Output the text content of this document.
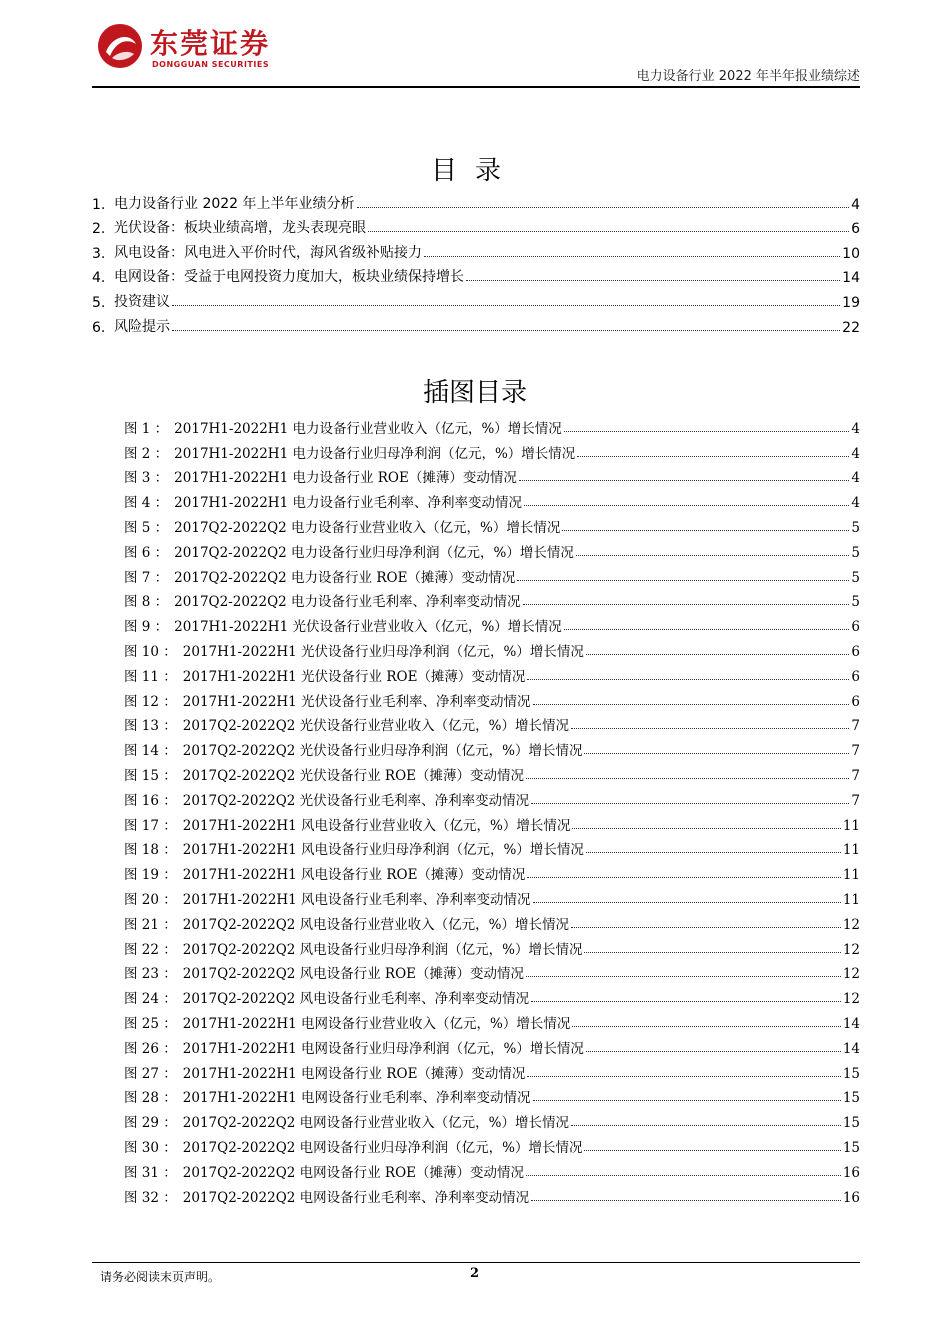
东莞证券
DONGGUAN SECURITIES
电力设备行业 2022 年半年报业绩综述
目录
1. 电力设备行业 2022 年上半年业绩分析	4
2. 光伏设备：板块业绩高增，龙头表现亮眼	6
3. 风电设备：风电进入平价时代，海风省级补贴接力	10
4. 电网设备：受益于电网投资力度加大，板块业绩保持增长	14
5. 投资建议	19
6. 风险提示	22
插图目录
图 1 ： 2017H1-2022H1 电力设备行业营业收入（亿元，%）增长情况	4
图 2 ： 2017H1-2022H1 电力设备行业归母净利润（亿元，%）增长情况	4
图 3 ： 2017H1-2022H1 电力设备行业 ROE（摊薄）变动情况	4
图 4 ： 2017H1-2022H1 电力设备行业毛利率、净利率变动情况	4
图 5 ： 2017Q2-2022Q2 电力设备行业营业收入（亿元，%）增长情况	5
图 6 ： 2017Q2-2022Q2 电力设备行业归母净利润（亿元，%）增长情况	5
图 7 ： 2017Q2-2022Q2 电力设备行业 ROE（摊薄）变动情况	5
图 8 ： 2017Q2-2022Q2 电力设备行业毛利率、净利率变动情况	5
图 9 ： 2017H1-2022H1 光伏设备行业营业收入（亿元，%）增长情况	6
图 10 ： 2017H1-2022H1 光伏设备行业归母净利润（亿元，%）增长情况	6
图 11 ： 2017H1-2022H1 光伏设备行业 ROE（摊薄）变动情况	6
图 12 ： 2017H1-2022H1 光伏设备行业毛利率、净利率变动情况	6
图 13 ： 2017Q2-2022Q2 光伏设备行业营业收入（亿元，%）增长情况	7
图 14 ： 2017Q2-2022Q2 光伏设备行业归母净利润（亿元，%）增长情况	7
图 15 ： 2017Q2-2022Q2 光伏设备行业 ROE（摊薄）变动情况	7
图 16 ： 2017Q2-2022Q2 光伏设备行业毛利率、净利率变动情况	7
图 17 ： 2017H1-2022H1 风电设备行业营业收入（亿元，%）增长情况	11
图 18 ： 2017H1-2022H1 风电设备行业归母净利润（亿元，%）增长情况	11
图 19 ： 2017H1-2022H1 风电设备行业 ROE（摊薄）变动情况	11
图 20 ： 2017H1-2022H1 风电设备行业毛利率、净利率变动情况	11
图 21 ： 2017Q2-2022Q2 风电设备行业营业收入（亿元，%）增长情况	12
图 22 ： 2017Q2-2022Q2 风电设备行业归母净利润（亿元，%）增长情况	12
图 23 ： 2017Q2-2022Q2 风电设备行业 ROE（摊薄）变动情况	12
图 24 ： 2017Q2-2022Q2 风电设备行业毛利率、净利率变动情况	12
图 25 ： 2017H1-2022H1 电网设备行业营业收入（亿元，%）增长情况	14
图 26 ： 2017H1-2022H1 电网设备行业归母净利润（亿元，%）增长情况	14
图 27 ： 2017H1-2022H1 电网设备行业 ROE（摊薄）变动情况	15
图 28 ： 2017H1-2022H1 电网设备行业毛利率、净利率变动情况	15
图 29 ： 2017Q2-2022Q2 电网设备行业营业收入（亿元，%）增长情况	15
图 30 ： 2017Q2-2022Q2 电网设备行业归母净利润（亿元，%）增长情况	15
图 31 ： 2017Q2-2022Q2 电网设备行业 ROE（摊薄）变动情况	16
图 32 ： 2017Q2-2022Q2 电网设备行业毛利率、净利率变动情况	16
请务必阅读末页声明。	2
